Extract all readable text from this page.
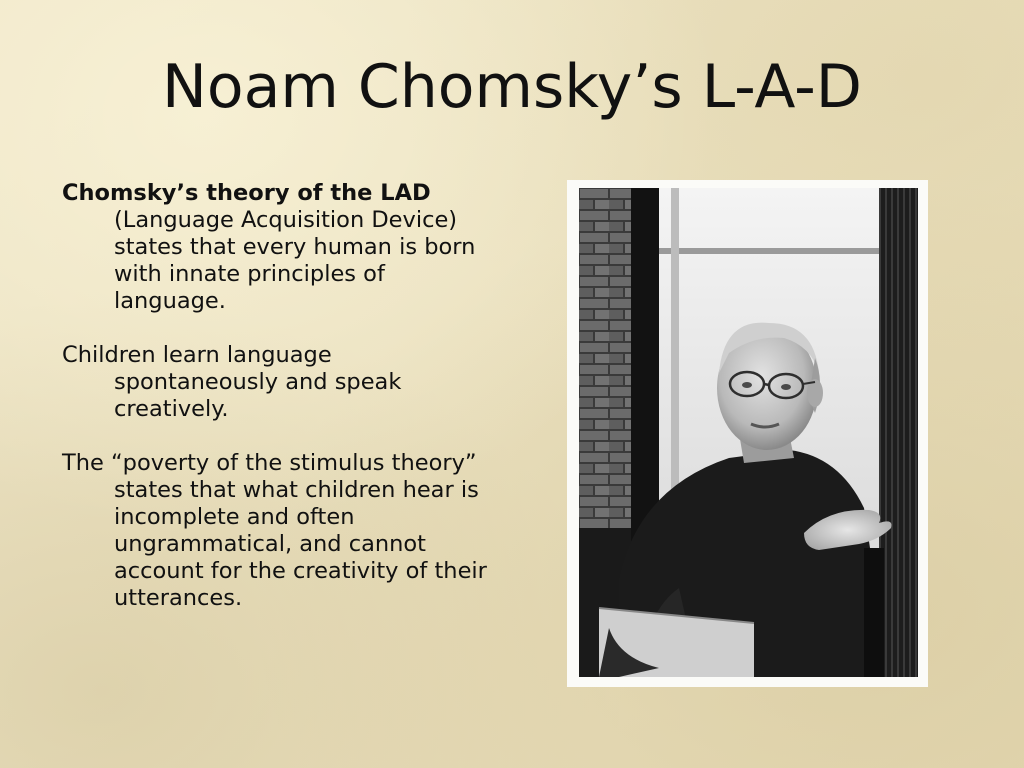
Noam Chomsky’s L-A-D

Chomsky’s theory of the LAD (Language Acquisition Device) states that every human is born with innate principles of language.

Children learn language spontaneously and speak creatively.

The “poverty of the stimulus theory” states that what children hear is incomplete and often ungrammatical, and cannot account for the creativity of their utterances.
